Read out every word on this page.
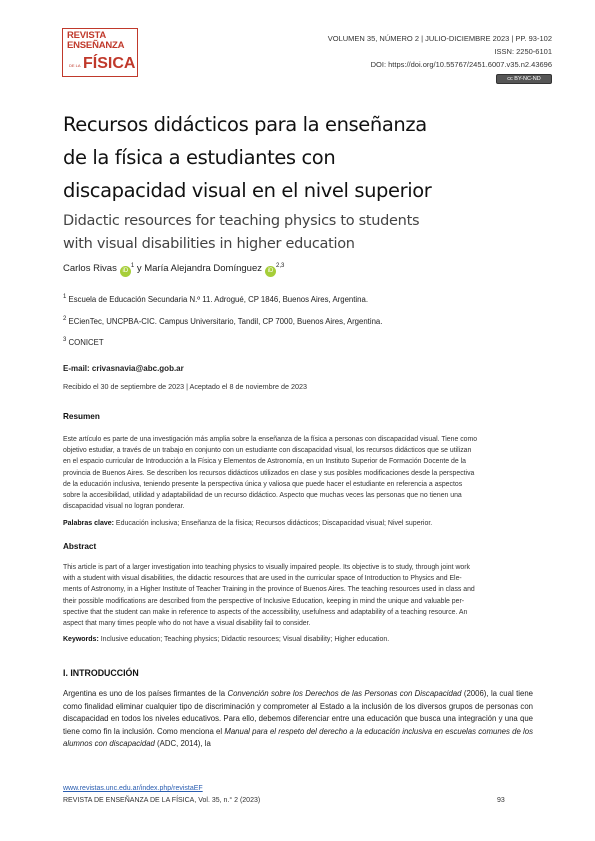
REVISTA
ENSEÑANZA
DE LA FÍSICA
VOLUMEN 35, NÚMERO 2 | JULIO-DICIEMBRE 2023 | PP. 93-102
ISSN: 2250-6101
DOI: https://doi.org/10.55767/2451.6007.v35.n2.43696
cc BY-NC-ND
Recursos didácticos para la enseñanza
de la física a estudiantes con
discapacidad visual en el nivel superior
Didactic resources for teaching physics to students
with visual disabilities in higher education
Carlos Rivas $iD^1$ y María Alejandra Domínguez iD$^{2,3}$
$^1$ Escuela de Educación Secundaria N.º 11. Adrogué, CP 1846, Buenos Aires, Argentina.
$^2$ ECienTec, UNCPBA-CIC. Campus Universitario, Tandil, CP 7000, Buenos Aires, Argentina.
$^3$ CONICET
E-mail: crivasnavia@abc.gob.ar
Recibido el 30 de septiembre de 2023 | Aceptado el 8 de noviembre de 2023
Resumen
Este artículo es parte de una investigación más amplia sobre la enseñanza de la física a personas con discapacidad visual. Tiene como
objetivo estudiar, a través de un trabajo en conjunto con un estudiante con discapacidad visual, los recursos didácticos que se utilizan
en el espacio curricular de Introducción a la Física y Elementos de Astronomía, en un Instituto Superior de Formación Docente de la
provincia de Buenos Aires. Se describen los recursos didácticos utilizados en clase y sus posibles modificaciones desde la perspectiva
de la educación inclusiva, teniendo presente la perspectiva única y valiosa que puede hacer el estudiante en referencia a aspectos
sobre la accesibilidad, utilidad y adaptabilidad de un recurso didáctico. Aspecto que muchas veces las personas que no tienen una
discapacidad visual no logran ponderar.
Palabras clave: Educación inclusiva; Enseñanza de la física; Recursos didácticos; Discapacidad visual; Nivel superior.
Abstract
This article is part of a larger investigation into teaching physics to visually impaired people. Its objective is to study, through joint work
with a student with visual disabilities, the didactic resources that are used in the curricular space of Introduction to Physics and Ele-
ments of Astronomy, in a Higher Institute of Teacher Training in the province of Buenos Aires. The teaching resources used in class and
their possible modifications are described from the perspective of Inclusive Education, keeping in mind the unique and valuable per-
spective that the student can make in reference to aspects of the accessibility, usefulness and adaptability of a teaching resource. An
aspect that many times people who do not have a visual disability fail to consider.
Keywords: Inclusive education; Teaching physics; Didactic resources; Visual disability; Higher education.
I. INTRODUCCIÓN
Argentina es uno de los países firmantes de la Convención sobre los Derechos de las Personas con Discapacidad (2006), la cual tiene como finalidad eliminar cualquier tipo de discriminación y comprometer al Estado a la inclusión de los diversos grupos de personas con discapacidad en todos los niveles educativos. Para ello, debemos diferenciar entre una educación que busca una integración y una que tiene como fin la inclusión. Como menciona el Manual para el respeto del derecho a la educación inclusiva en escuelas comunes de los alumnos con discapacidad (ADC, 2014), la
www.revistas.unc.edu.ar/index.php/revistaEF
REVISTA DE ENSEÑANZA DE LA FÍSICA, Vol. 35, n.° 2 (2023)	93
